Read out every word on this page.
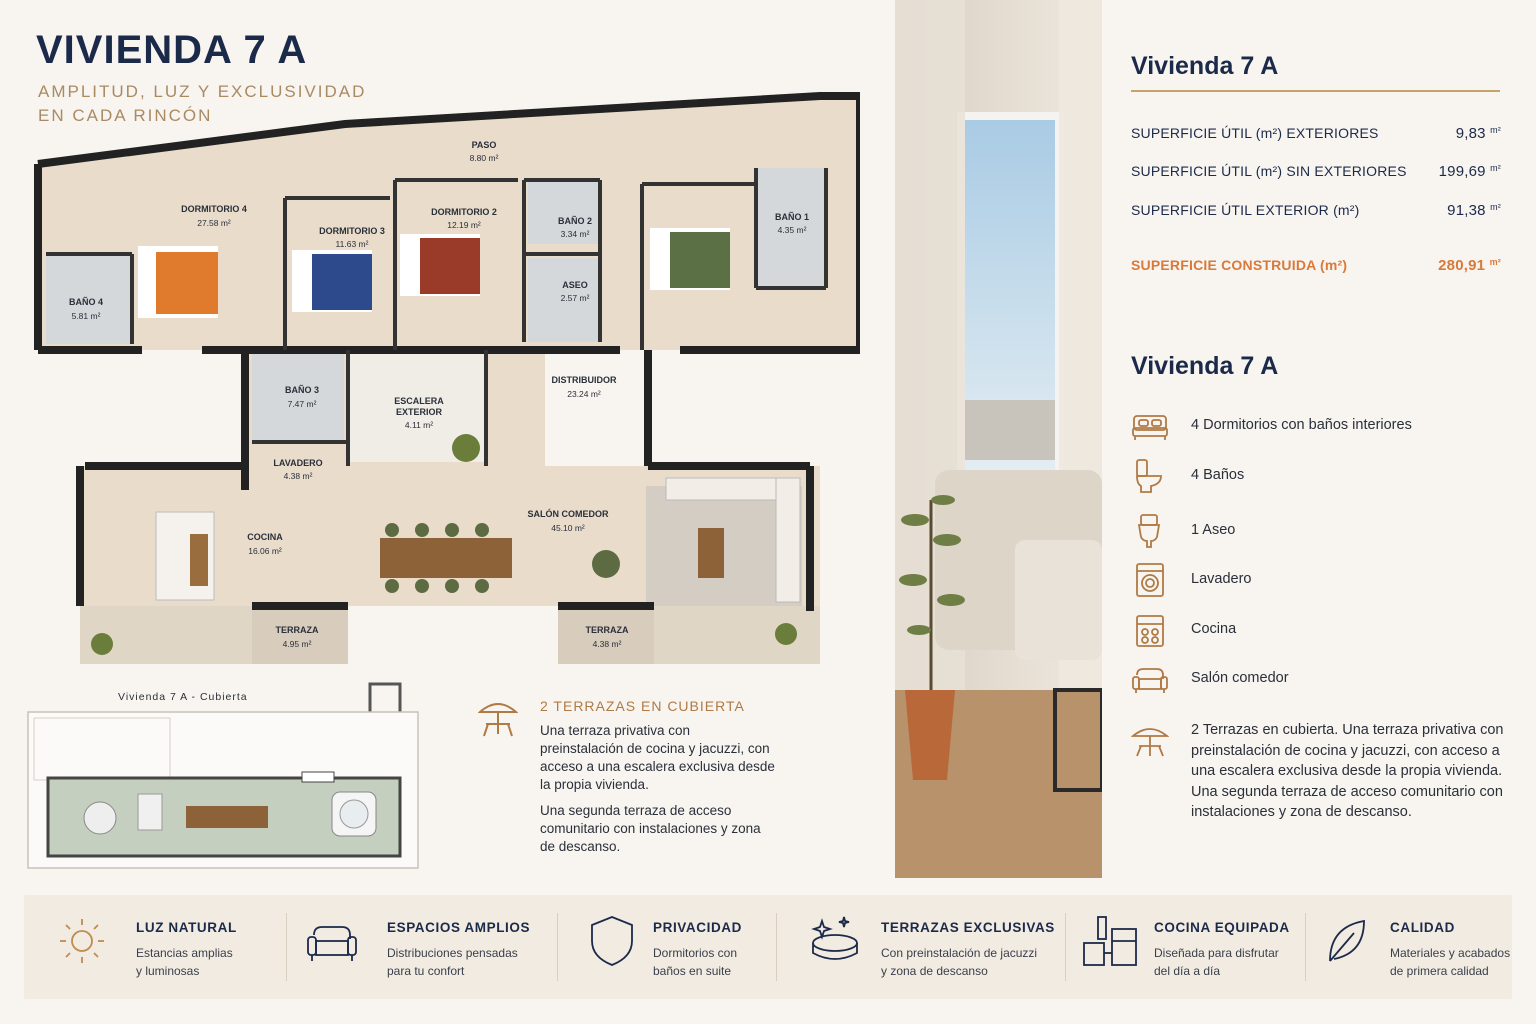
VIVIENDA 7 A
AMPLITUD, LUZ Y EXCLUSIVIDAD
EN CADA RINCÓN
PASO
8.80 m²
DORMITORIO 4
27.58 m²
DORMITORIO 3
11.63 m²
DORMITORIO 2
12.19 m²	BAÑO 2
3.34 m²
ASEO
2.57 m²
BAÑO 1
4.35 m²
BAÑO 4
5.81 m²
BAÑO 3
7.47 m²	ESCALERA
EXTERIOR
4.11 m²
DISTRIBUIDOR
23.24 m²
LAVADERO
4.38 m²
COCINA
16.06 m²
SALÓN COMEDOR
45.10 m²
TERRAZA
4.95 m²
TERRAZA
4.38 m²
Vivienda 7 A - Cubierta
2 TERRAZAS EN CUBIERTA
Una terraza privativa con preinstalación de cocina y jacuzzi, con acceso a una escalera exclusiva desde la propia vivienda.
Una segunda terraza de acceso comunitario con instalaciones y zona de descanso.
Vivienda 7 A
SUPERFICIE ÚTIL (m²) EXTERIORES	9,83 $^{m^2}$
SUPERFICIE ÚTIL (m²) SIN EXTERIORES 199,69 $^{m^2}$
SUPERFICIE ÚTIL EXTERIOR (m²)	91,38 $^{m^2}$
SUPERFICIE CONSTRUIDA (m²)	280,91 $^{m^2}$
Vivienda 7 A
4 Dormitorios con baños interiores
4 Baños
1 Aseo
Lavadero
Cocina
Salón comedor
2 Terrazas en cubierta. Una terraza privativa con preinstalación de cocina y jacuzzi, con acceso a una escalera exclusiva desde la propia vivienda. Una segunda terraza de acceso comunitario con instalaciones y zona de descanso.
LUZ NATURAL
Estancias amplias
y luminosas
ESPACIOS AMPLIOS
Distribuciones pensadas
para tu confort
PRIVACIDAD
Dormitorios con
baños en suite
TERRAZAS EXCLUSIVAS
Con preinstalación de jacuzzi
y zona de descanso
COCINA EQUIPADA
Diseñada para disfrutar
del día a día
CALIDAD
Materiales y acabados
de primera calidad
